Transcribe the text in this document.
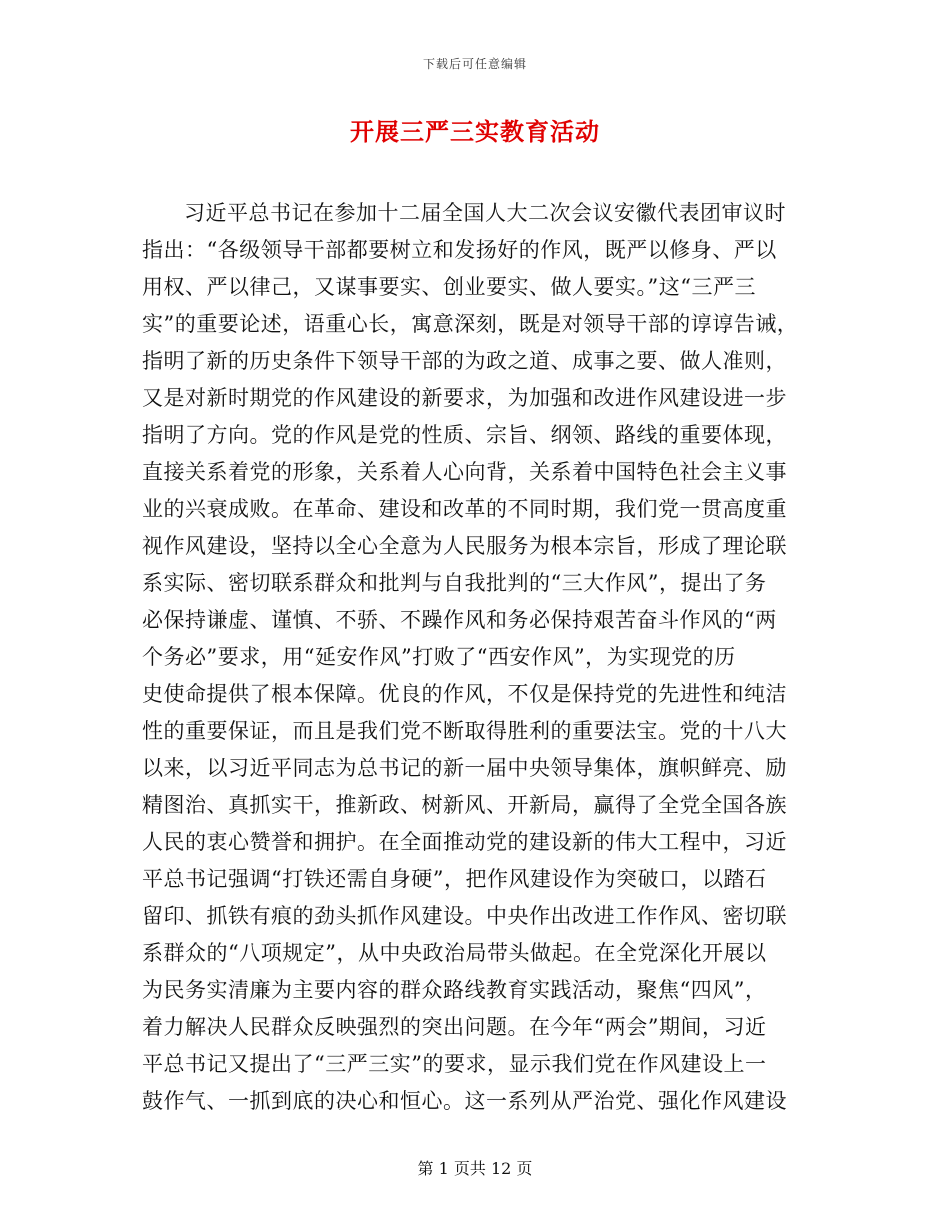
下载后可任意编辑
开展三严三实教育活动
习近平总书记在参加十二届全国人大二次会议安徽代表团审议时
指出：“各级领导干部都要树立和发扬好的作风，既严以修身、严以
用权、严以律己，又谋事要实、创业要实、做人要实。”这“三严三
实”的重要论述，语重心长，寓意深刻，既是对领导干部的谆谆告诫，
指明了新的历史条件下领导干部的为政之道、成事之要、做人准则，
又是对新时期党的作风建设的新要求，为加强和改进作风建设进一步
指明了方向。党的作风是党的性质、宗旨、纲领、路线的重要体现，
直接关系着党的形象，关系着人心向背，关系着中国特色社会主义事
业的兴衰成败。在革命、建设和改革的不同时期，我们党一贯高度重
视作风建设，坚持以全心全意为人民服务为根本宗旨，形成了理论联
系实际、密切联系群众和批判与自我批判的“三大作风”，提出了务
必保持谦虚、谨慎、不骄、不躁作风和务必保持艰苦奋斗作风的“两
个务必”要求，用“延安作风”打败了“西安作风”，为实现党的历
史使命提供了根本保障。优良的作风，不仅是保持党的先进性和纯洁
性的重要保证，而且是我们党不断取得胜利的重要法宝。党的十八大
以来，以习近平同志为总书记的新一届中央领导集体，旗帜鲜亮、励
精图治、真抓实干，推新政、树新风、开新局，赢得了全党全国各族
人民的衷心赞誉和拥护。在全面推动党的建设新的伟大工程中，习近
平总书记强调“打铁还需自身硬”，把作风建设作为突破口，以踏石
留印、抓铁有痕的劲头抓作风建设。中央作出改进工作作风、密切联
系群众的“八项规定”，从中央政治局带头做起。在全党深化开展以
为民务实清廉为主要内容的群众路线教育实践活动，聚焦“四风”，
着力解决人民群众反映强烈的突出问题。在今年“两会”期间，习近
平总书记又提出了“三严三实”的要求，显示我们党在作风建设上一
鼓作气、一抓到底的决心和恒心。这一系列从严治党、强化作风建设
第 1 页共 12 页
